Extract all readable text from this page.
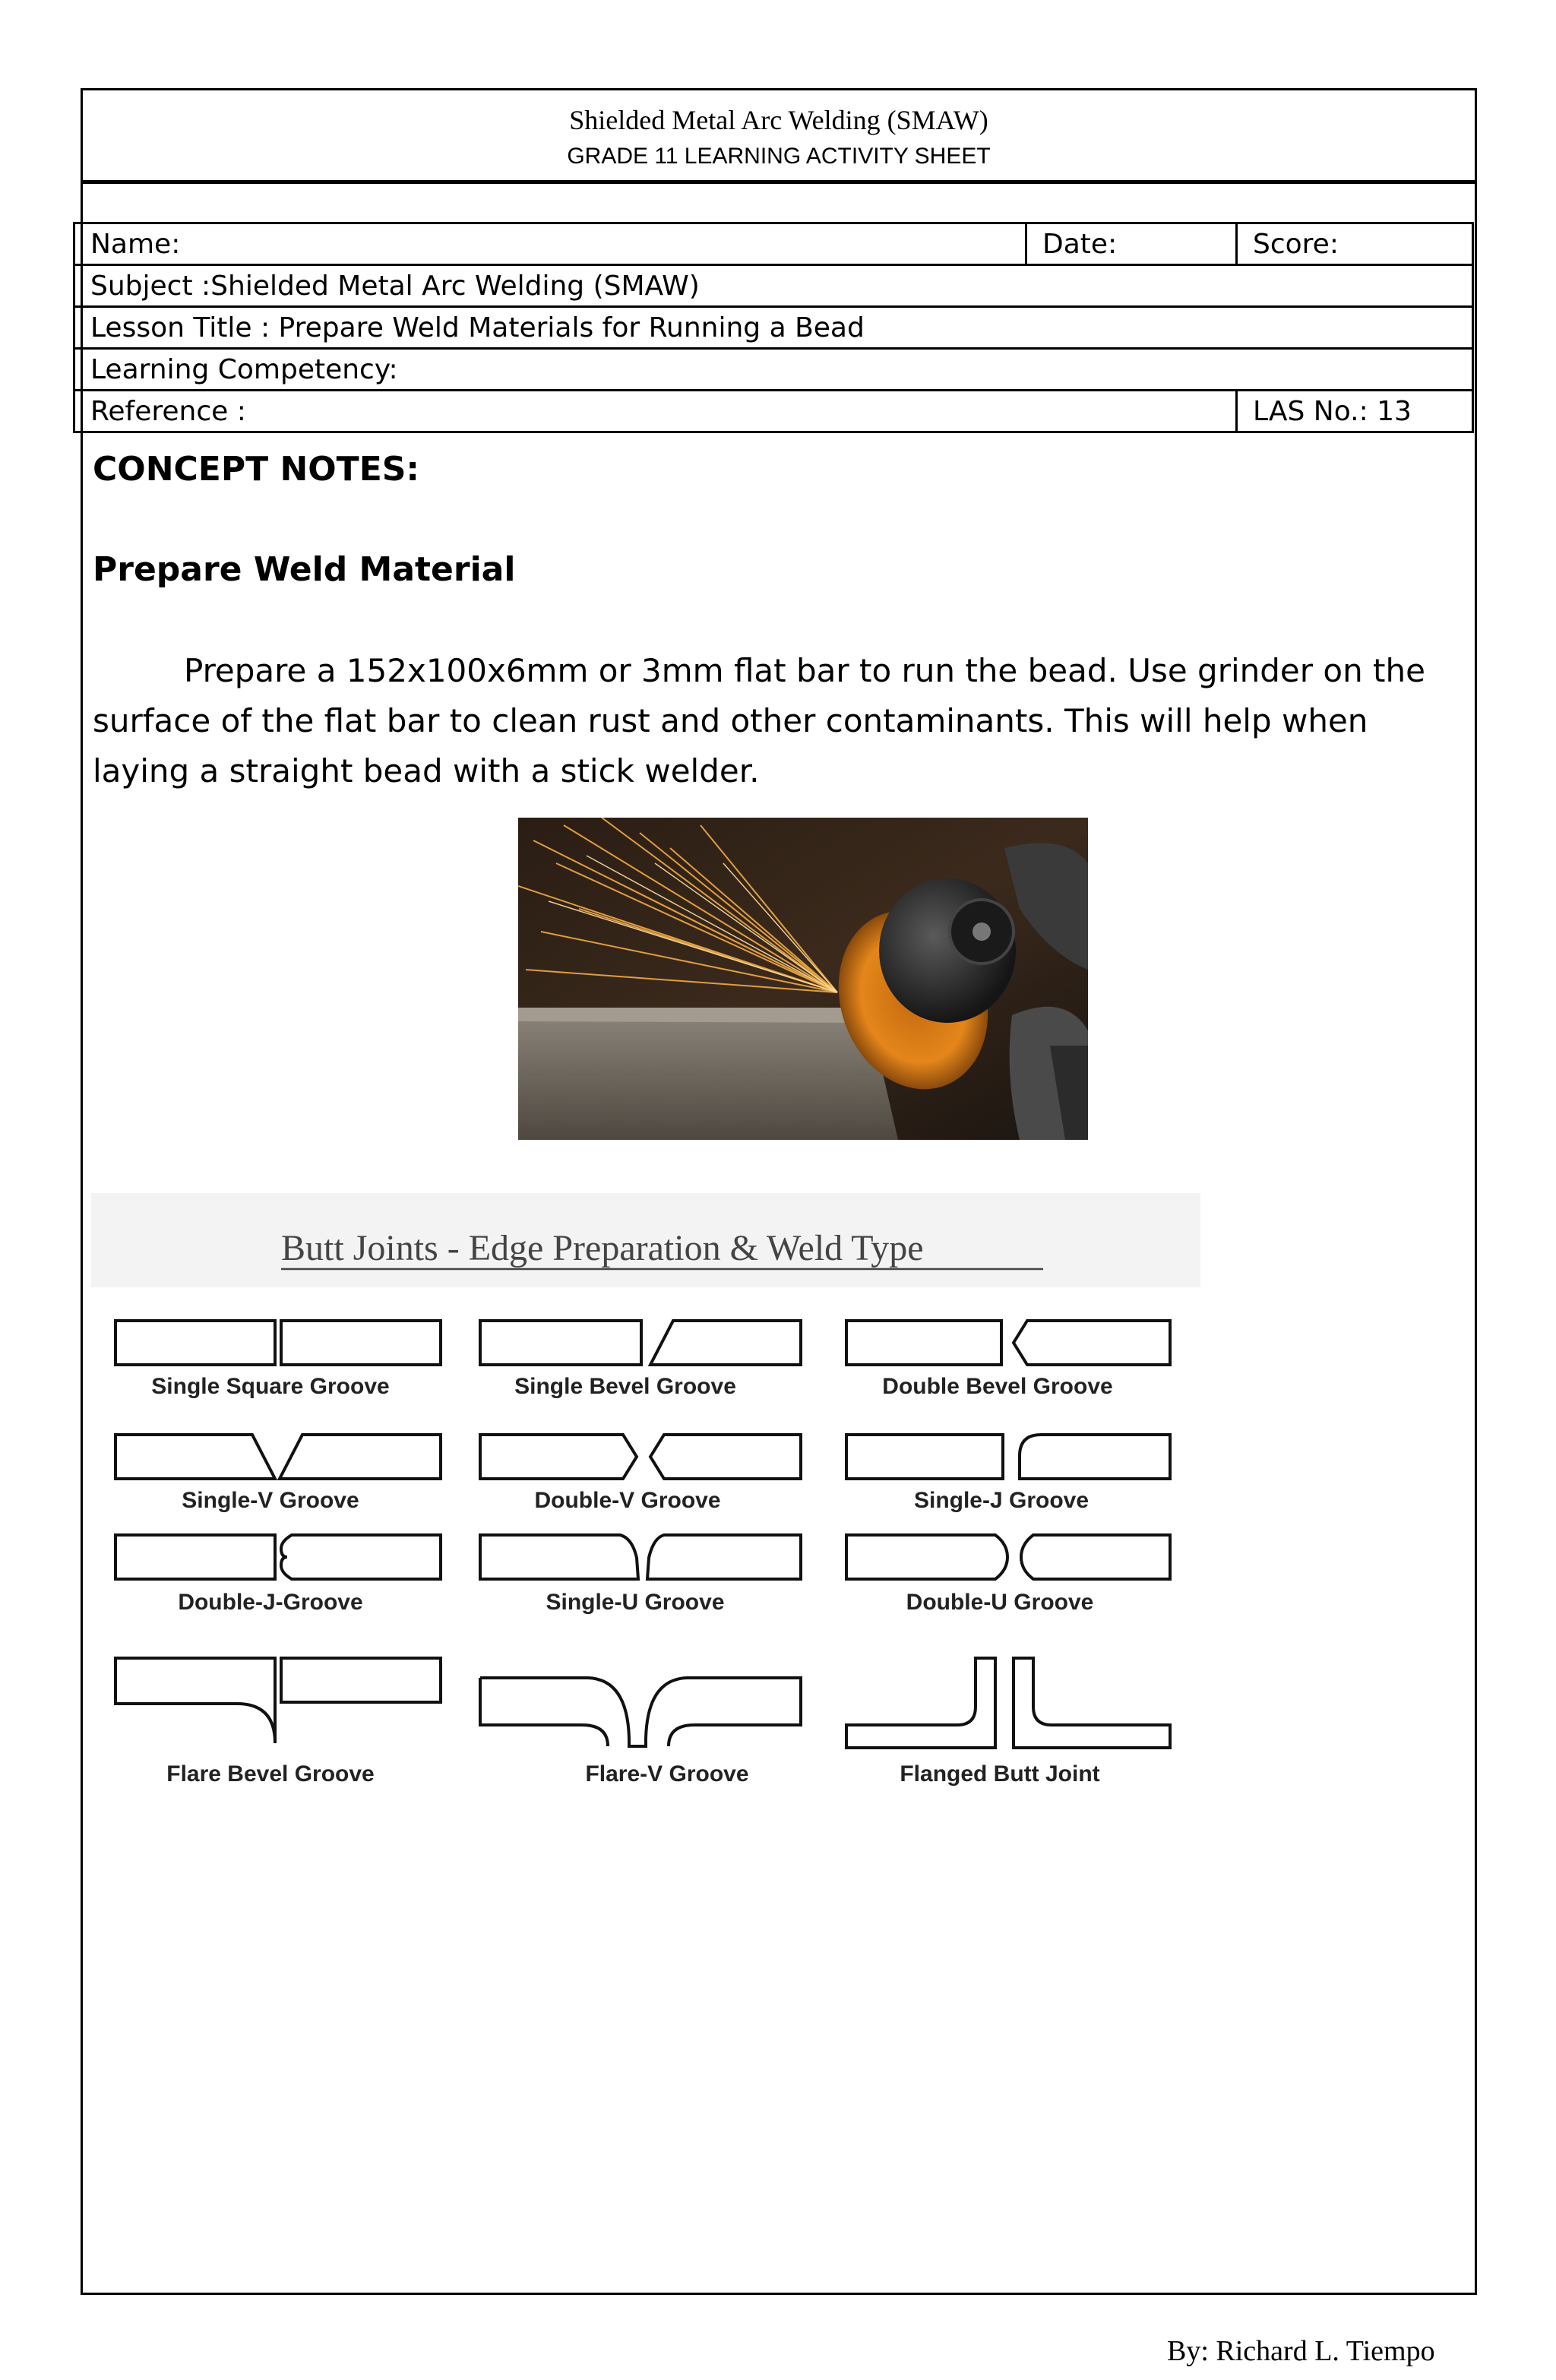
Shielded Metal Arc Welding (SMAW)
GRADE 11 LEARNING ACTIVITY SHEET
Name:	Date:	Score:
Subject :Shielded Metal Arc Welding (SMAW)		
Lesson Title : Prepare Weld Materials for Running a Bead		
Learning Competency:		
Reference :		LAS No.: 13
CONCEPT NOTES:
Prepare Weld Material
Prepare a 152x100x6mm or 3mm flat bar to run the bead. Use grinder on the surface of the flat bar to clean rust and other contaminants. This will help when laying a straight bead with a stick welder.
Butt Joints - Edge Preparation & Weld Type
Single Square Groove	Single Bevel Groove	Double Bevel Groove
Single-V Groove	Double-V Groove	Single-J Groove
Double-J-Groove	Single-U Groove	Double-U Groove
Flare Bevel Groove	Flare-V Groove	Flanged Butt Joint
By: Richard L. Tiempo
